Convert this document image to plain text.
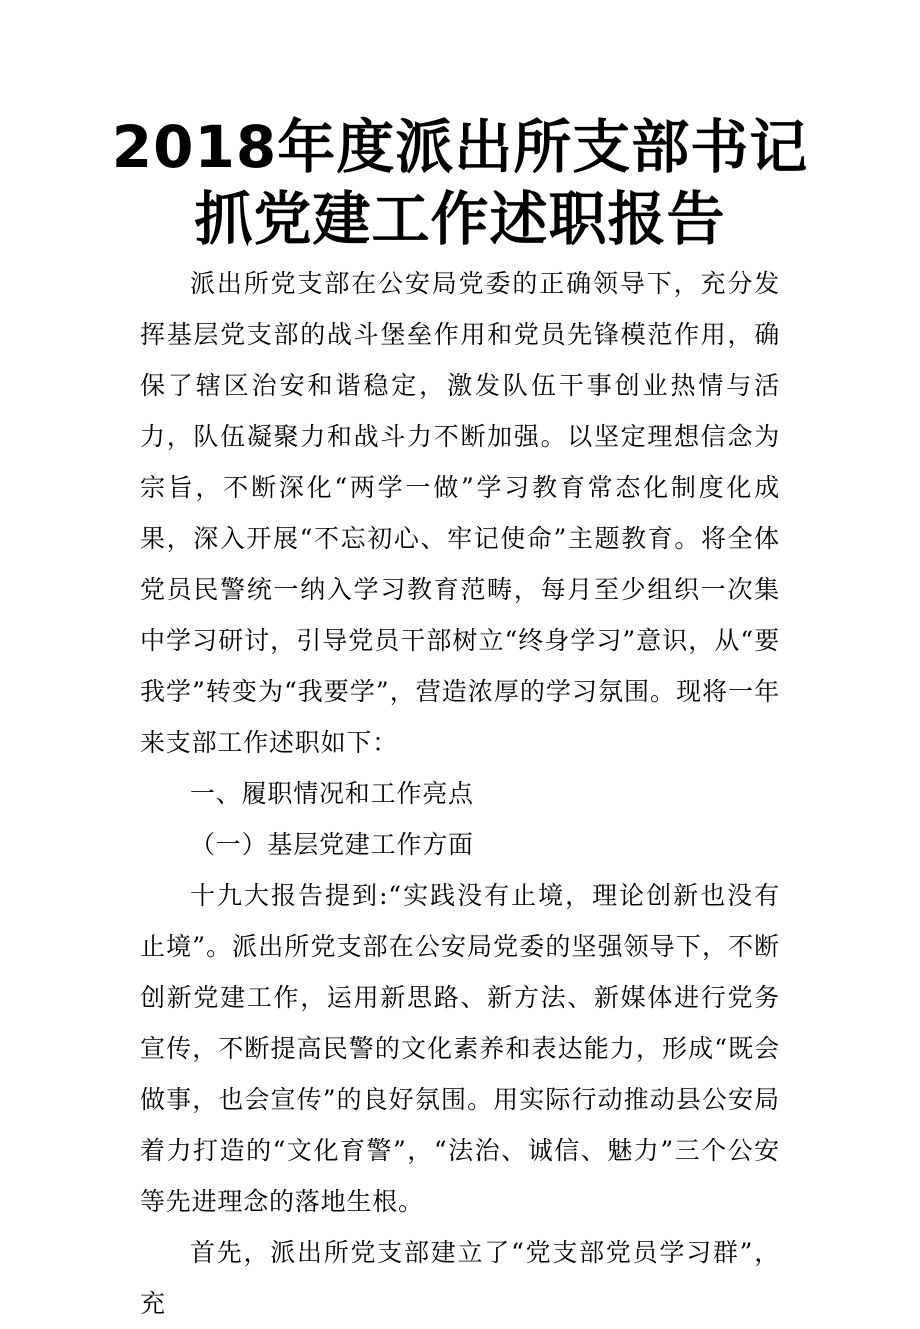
2018年度派出所支部书记
抓党建工作述职报告

派出所党支部在公安局党委的正确领导下，充分发挥基层党支部的战斗堡垒作用和党员先锋模范作用，确保了辖区治安和谐稳定，激发队伍干事创业热情与活力，队伍凝聚力和战斗力不断加强。以坚定理想信念为宗旨，不断深化“两学一做”学习教育常态化制度化成果，深入开展“不忘初心、牢记使命”主题教育。将全体党员民警统一纳入学习教育范畴，每月至少组织一次集中学习研讨，引导党员干部树立“终身学习”意识，从“要我学”转变为“我要学”，营造浓厚的学习氛围。现将一年来支部工作述职如下：

一、履职情况和工作亮点

（一）基层党建工作方面

十九大报告提到:“实践没有止境，理论创新也没有止境”。派出所党支部在公安局党委的坚强领导下，不断创新党建工作，运用新思路、新方法、新媒体进行党务宣传，不断提高民警的文化素养和表达能力，形成“既会做事，也会宣传”的良好氛围。用实际行动推动县公安局着力打造的“文化育警”，“法治、诚信、魅力”三个公安等先进理念的落地生根。

首先，派出所党支部建立了“党支部党员学习群”，充
